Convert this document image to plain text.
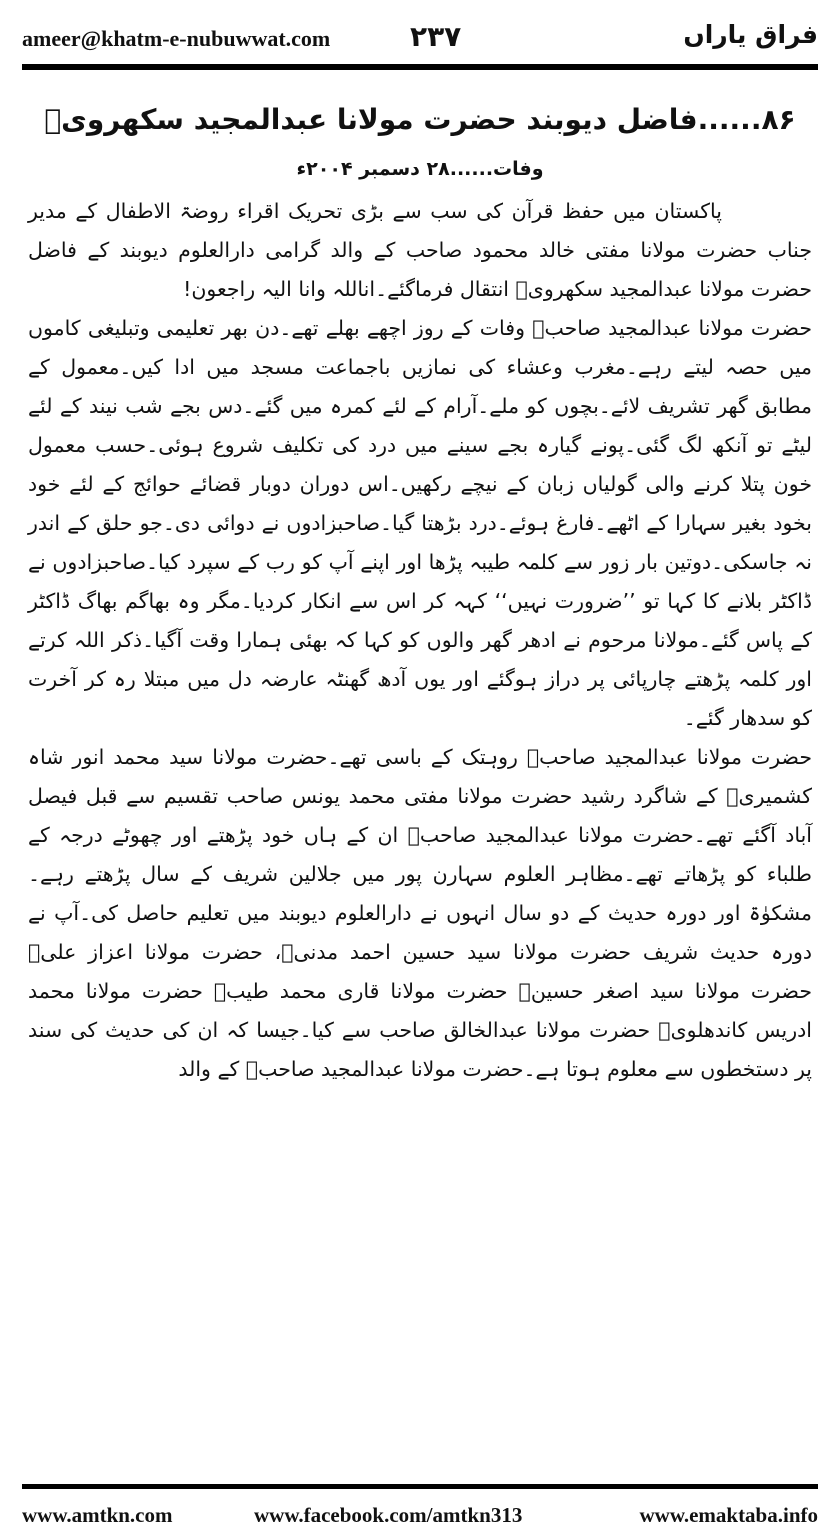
ameer@khatm-e-nubuwwat.com	۲۳۷	فراق یاراں
۸۶......فاضل دیوبند حضرت مولانا عبدالمجید سکھرویؒ
وفات......۲۸ دسمبر ۲۰۰۴ء

پاکستان میں حفظ قرآن کی سب سے بڑی تحریک اقراء روضۃ الاطفال کے مدیر جناب حضرت مولانا مفتی خالد محمود صاحب کے والد گرامی دارالعلوم دیوبند کے فاضل حضرت مولانا عبدالمجید سکھرویؒ انتقال فرماگئے۔اناللہ وانا الیہ راجعون!

حضرت مولانا عبدالمجید صاحبؒ وفات کے روز اچھے بھلے تھے۔دن بھر تعلیمی وتبلیغی کاموں میں حصہ لیتے رہے۔مغرب وعشاء کی نمازیں باجماعت مسجد میں ادا کیں۔معمول کے مطابق گھر تشریف لائے۔بچوں کو ملے۔آرام کے لئے کمرہ میں گئے۔دس بجے شب نیند کے لئے لیٹے تو آنکھ لگ گئی۔پونے گیارہ بجے سینے میں درد کی تکلیف شروع ہوئی۔حسب معمول خون پتلا کرنے والی گولیاں زبان کے نیچے رکھیں۔اس دوران دوبار قضائے حوائج کے لئے خود بخود بغیر سہارا کے اٹھے۔فارغ ہوئے۔درد بڑھتا گیا۔صاحبزادوں نے دوائی دی۔جو حلق کے اندر نہ جاسکی۔دوتین بار زور سے کلمہ طیبہ پڑھا اور اپنے آپ کو رب کے سپرد کیا۔صاحبزادوں نے ڈاکٹر بلانے کا کہا تو ’’ضرورت نہیں‘‘ کہہ کر اس سے انکار کردیا۔مگر وہ بھاگم بھاگ ڈاکٹر کے پاس گئے۔مولانا مرحوم نے ادھر گھر والوں کو کہا کہ بھئی ہمارا وقت آگیا۔ذکر اللہ کرتے اور کلمہ پڑھتے چارپائی پر دراز ہوگئے اور یوں آدھ گھنٹہ عارضہ دل میں مبتلا رہ کر آخرت کو سدھار گئے۔

حضرت مولانا عبدالمجید صاحبؒ روہتک کے باسی تھے۔حضرت مولانا سید محمد انور شاہ کشمیریؒ کے شاگرد رشید حضرت مولانا مفتی محمد یونس صاحب تقسیم سے قبل فیصل آباد آگئے تھے۔حضرت مولانا عبدالمجید صاحبؒ ان کے ہاں خود پڑھتے اور چھوٹے درجہ کے طلباء کو پڑھاتے تھے۔مظاہر العلوم سہارن پور میں جلالین شریف کے سال پڑھتے رہے۔مشکوٰۃ اور دورہ حدیث کے دو سال انہوں نے دارالعلوم دیوبند میں تعلیم حاصل کی۔آپ نے دورہ حدیث شریف حضرت مولانا سید حسین احمد مدنیؒ، حضرت مولانا اعزاز علیؒ حضرت مولانا سید اصغر حسینؒ حضرت مولانا قاری محمد طیبؒ حضرت مولانا محمد ادریس کاندھلویؒ حضرت مولانا عبدالخالق صاحب سے کیا۔جیسا کہ ان کی حدیث کی سند پر دستخطوں سے معلوم ہوتا ہے۔حضرت مولانا عبدالمجید صاحبؒ کے والد

www.amtkn.com	www.facebook.com/amtkn313	www.emaktaba.info
